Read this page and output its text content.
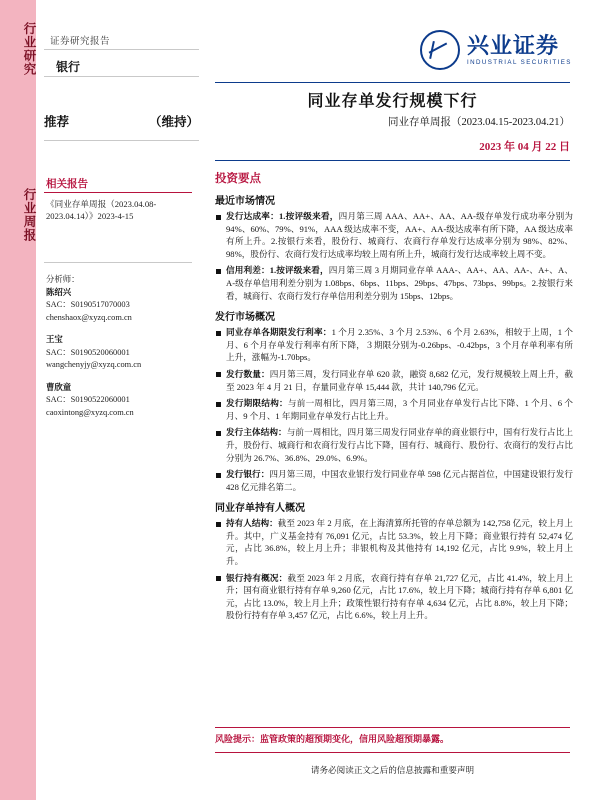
行业研究
行业周报
证券研究报告
银行
推荐	（维持）
兴业证券
INDUSTRIAL SECURITIES
同业存单发行规模下行
同业存单周报（2023.04.15-2023.04.21）
2023 年 04 月 22 日
相关报告
《同业存单周报（2023.04.08-2023.04.14）》2023-4-15
分析师：
陈绍兴
SAC：S0190517070003
chenshaox@xyzq.com.cn
王宝
SAC：S0190520060001
wangchenyjy@xyzq.com.cn
曹欣童
SAC：S0190522060001
caoxintong@xyzq.com.cn
投资要点
最近市场情况
发行达成率：1.按评级来看，四月第三周 AAA、AA+、AA、AA-级存单发行成功率分别为 94%、60%、79%、91%，AAA 级达成率不变，AA+、AA-级达成率有所下降，AA 级达成率有所上升。2.按银行来看，股份行、城商行、农商行存单发行达成率分别为 98%、82%、98%，股份行、农商行发行达成率均较上周有所上升，城商行发行达成率较上周不变。
信用利差：1.按评级来看，四月第三周 3 月期同业存单 AAA-、AA+、AA、AA-、A+、A、A-级存单信用利差分别为 1.08bps、6bps、11bps、29bps、47bps、73bps、99bps。2.按银行来看，城商行、农商行发行存单信用利差分别为 15bps、12bps。
发行市场概况
同业存单各期限发行利率：1 个月 2.35%、3 个月 2.53%、6 个月 2.63%，相较于上周，1 个月、6 个月存单发行利率有所下降，３期限分别为-0.26bps、-0.42bps，3 个月存单利率有所上升，涨幅为-1.70bps。
发行数量：四月第三周，发行同业存单 620 款，融资 8,682 亿元，发行规模较上周上升，截至 2023 年 4 月 21 日，存量同业存单 15,444 款，共计 140,796 亿元。
发行期限结构：与前一周相比，四月第三周，3 个月同业存单发行占比下降、1 个月、6 个月、9 个月、1 年期同业存单发行占比上升。
发行主体结构：与前一周相比，四月第三周发行同业存单的商业银行中，国有行发行占比上升，股份行、城商行和农商行发行占比下降，国有行、城商行、股份行、农商行的发行占比分别为 26.7%、36.8%、29.0%、6.9%。
发行银行：四月第三周，中国农业银行发行同业存单 598 亿元占据首位，中国建设银行发行 428 亿元排名第二。
同业存单持有人概况
持有人结构：截至 2023 年 2 月底，在上海清算所托管的存单总额为 142,758 亿元，较上月上升。其中，广义基金持有 76,091 亿元，占比 53.3%，较上月下降；商业银行持有 52,474 亿元，占比 36.8%，较上月上升；非银机构及其他持有 14,192 亿元，占比 9.9%，较上月上升。
银行持有概况：截至 2023 年 2 月底，农商行持有存单 21,727 亿元，占比 41.4%，较上月上升；国有商业银行持有存单 9,260 亿元，占比 17.6%，较上月下降；城商行持有存单 6,801 亿元，占比 13.0%，较上月上升；政策性银行持有存单 4,634 亿元，占比 8.8%，较上月下降；股份行持有存单 3,457 亿元，占比 6.6%，较上月上升。
风险提示：监管政策的超预期变化，信用风险超预期暴露。
请务必阅读正文之后的信息披露和重要声明
